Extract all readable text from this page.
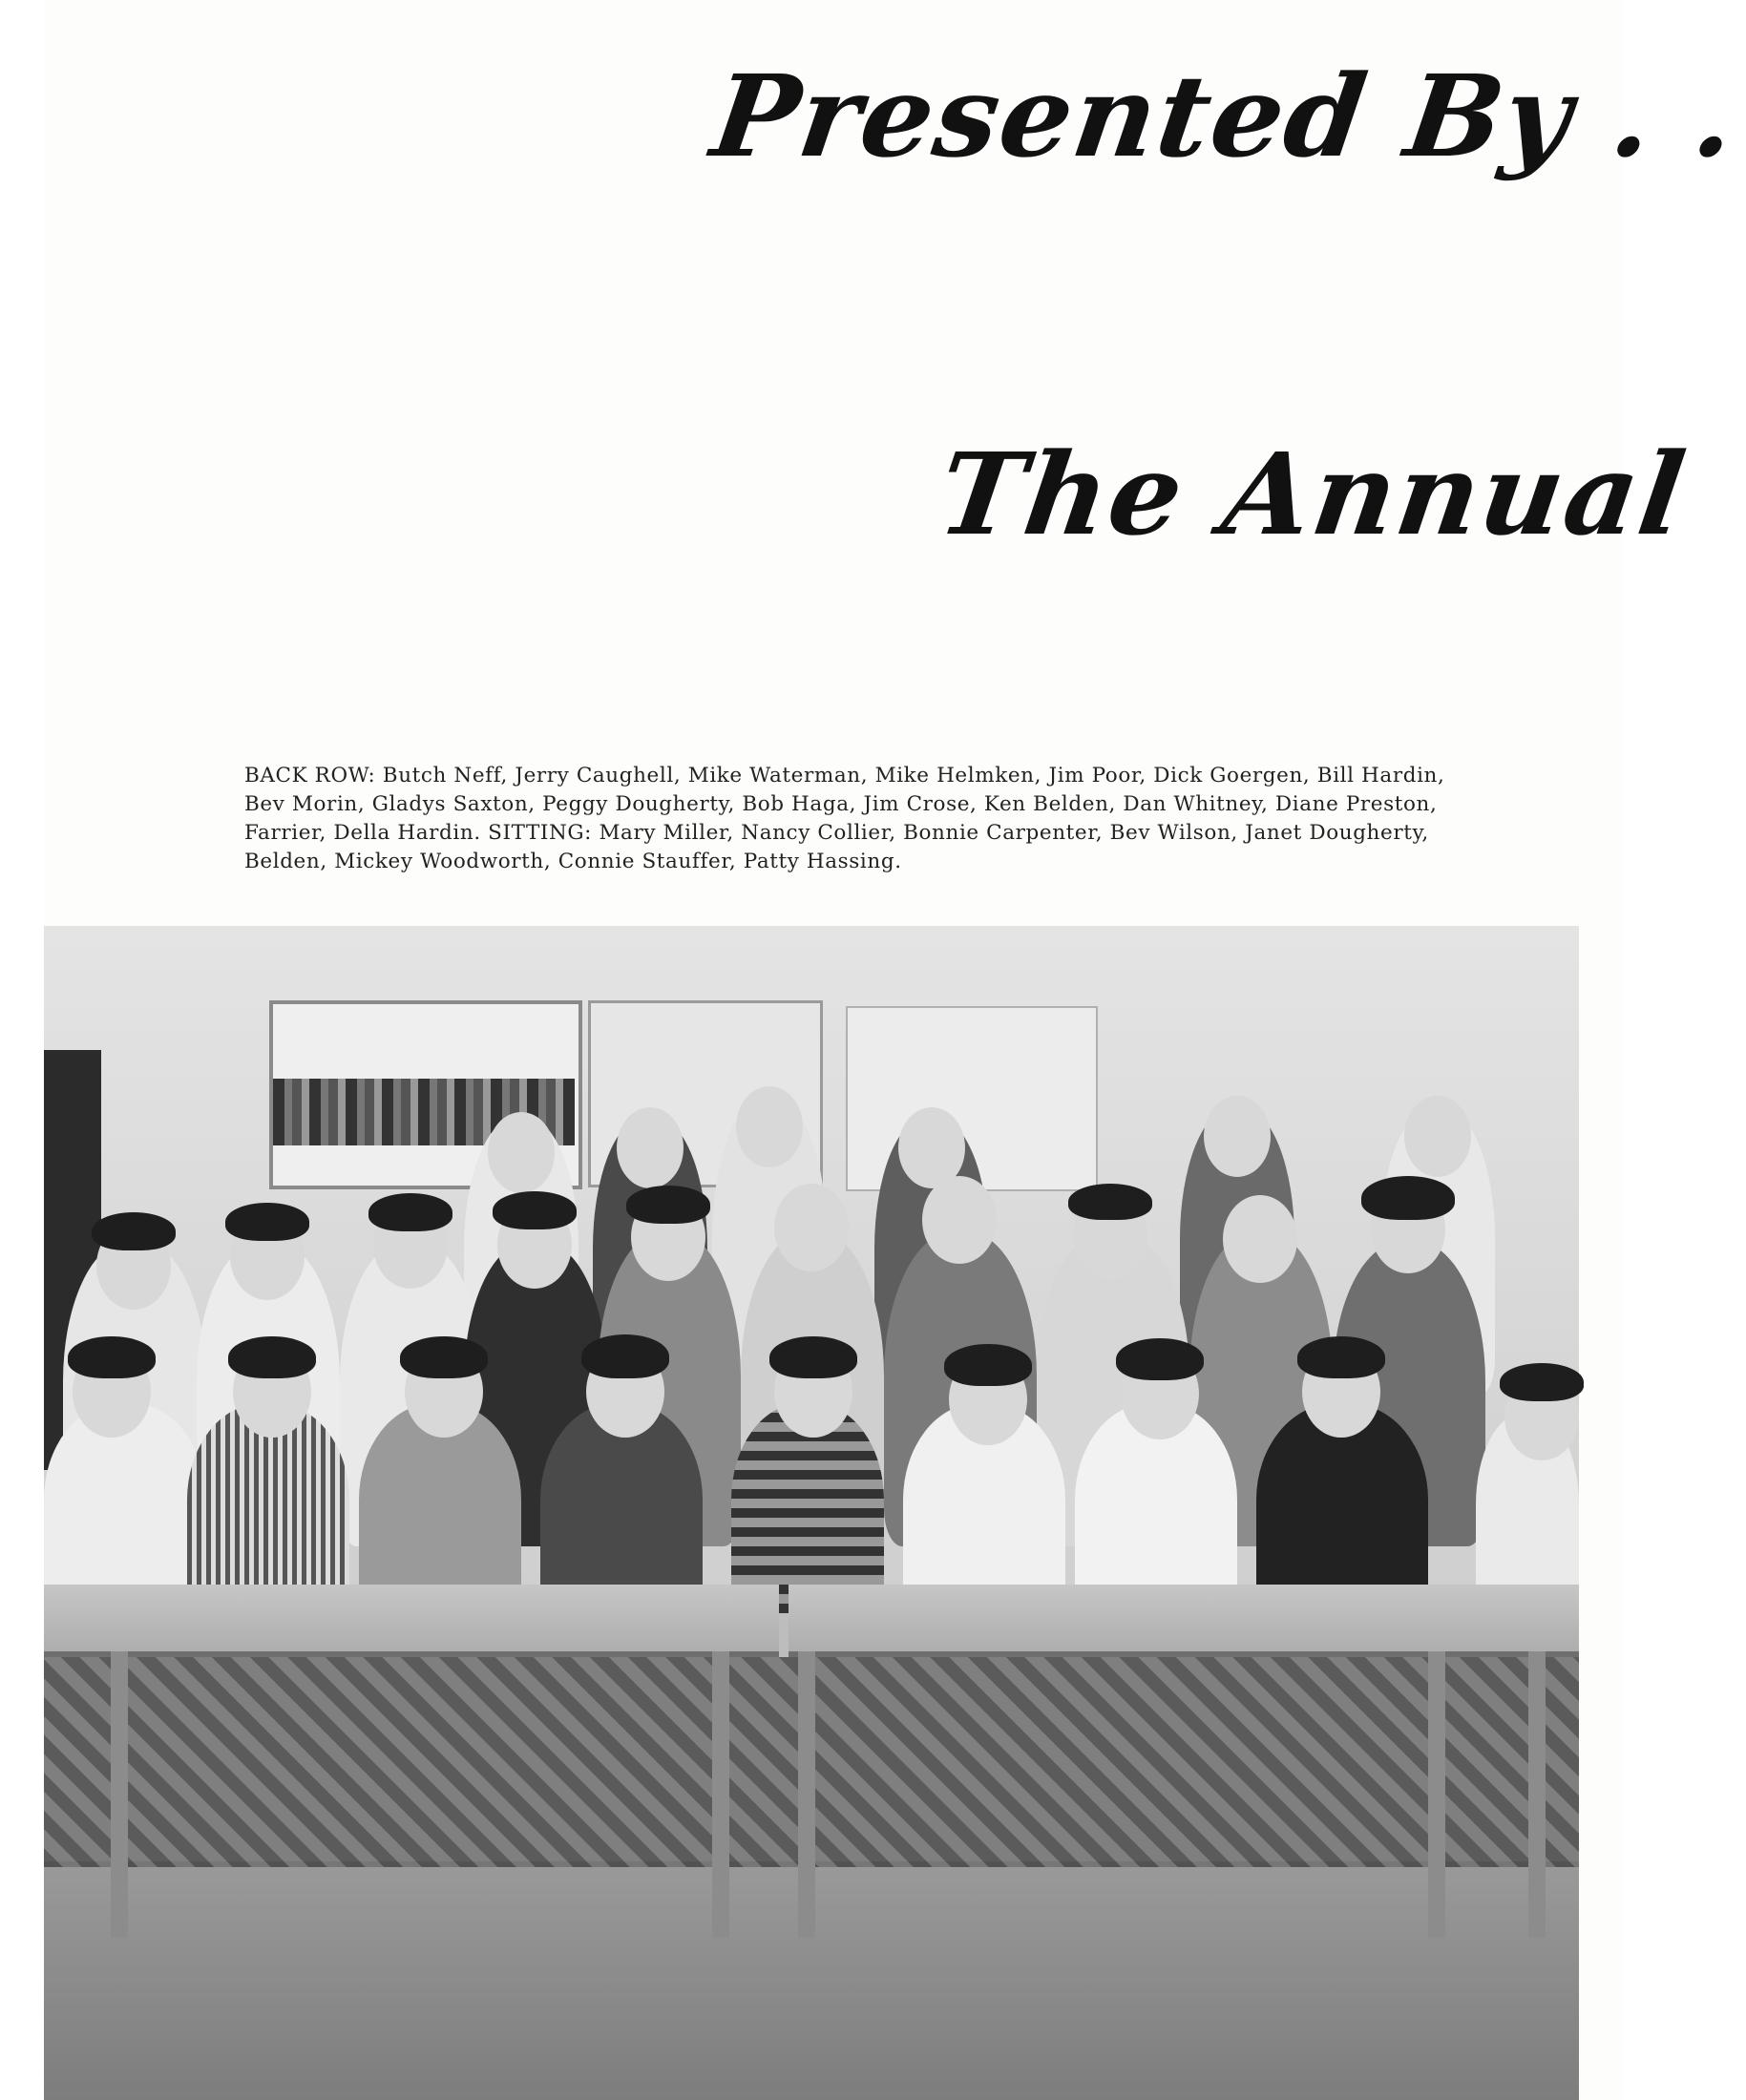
Presented By . .
The Annual
BACK ROW: Butch Neff, Jerry Caughell, Mike Waterman, Mike Helmken, Jim Poor, Dick Goergen, Bill Hardin,
Bev Morin, Gladys Saxton, Peggy Dougherty, Bob Haga, Jim Crose, Ken Belden, Dan Whitney, Diane Preston,
Farrier, Della Hardin. SITTING: Mary Miller, Nancy Collier, Bonnie Carpenter, Bev Wilson, Janet Dougherty,
Belden, Mickey Woodworth, Connie Stauffer, Patty Hassing.
